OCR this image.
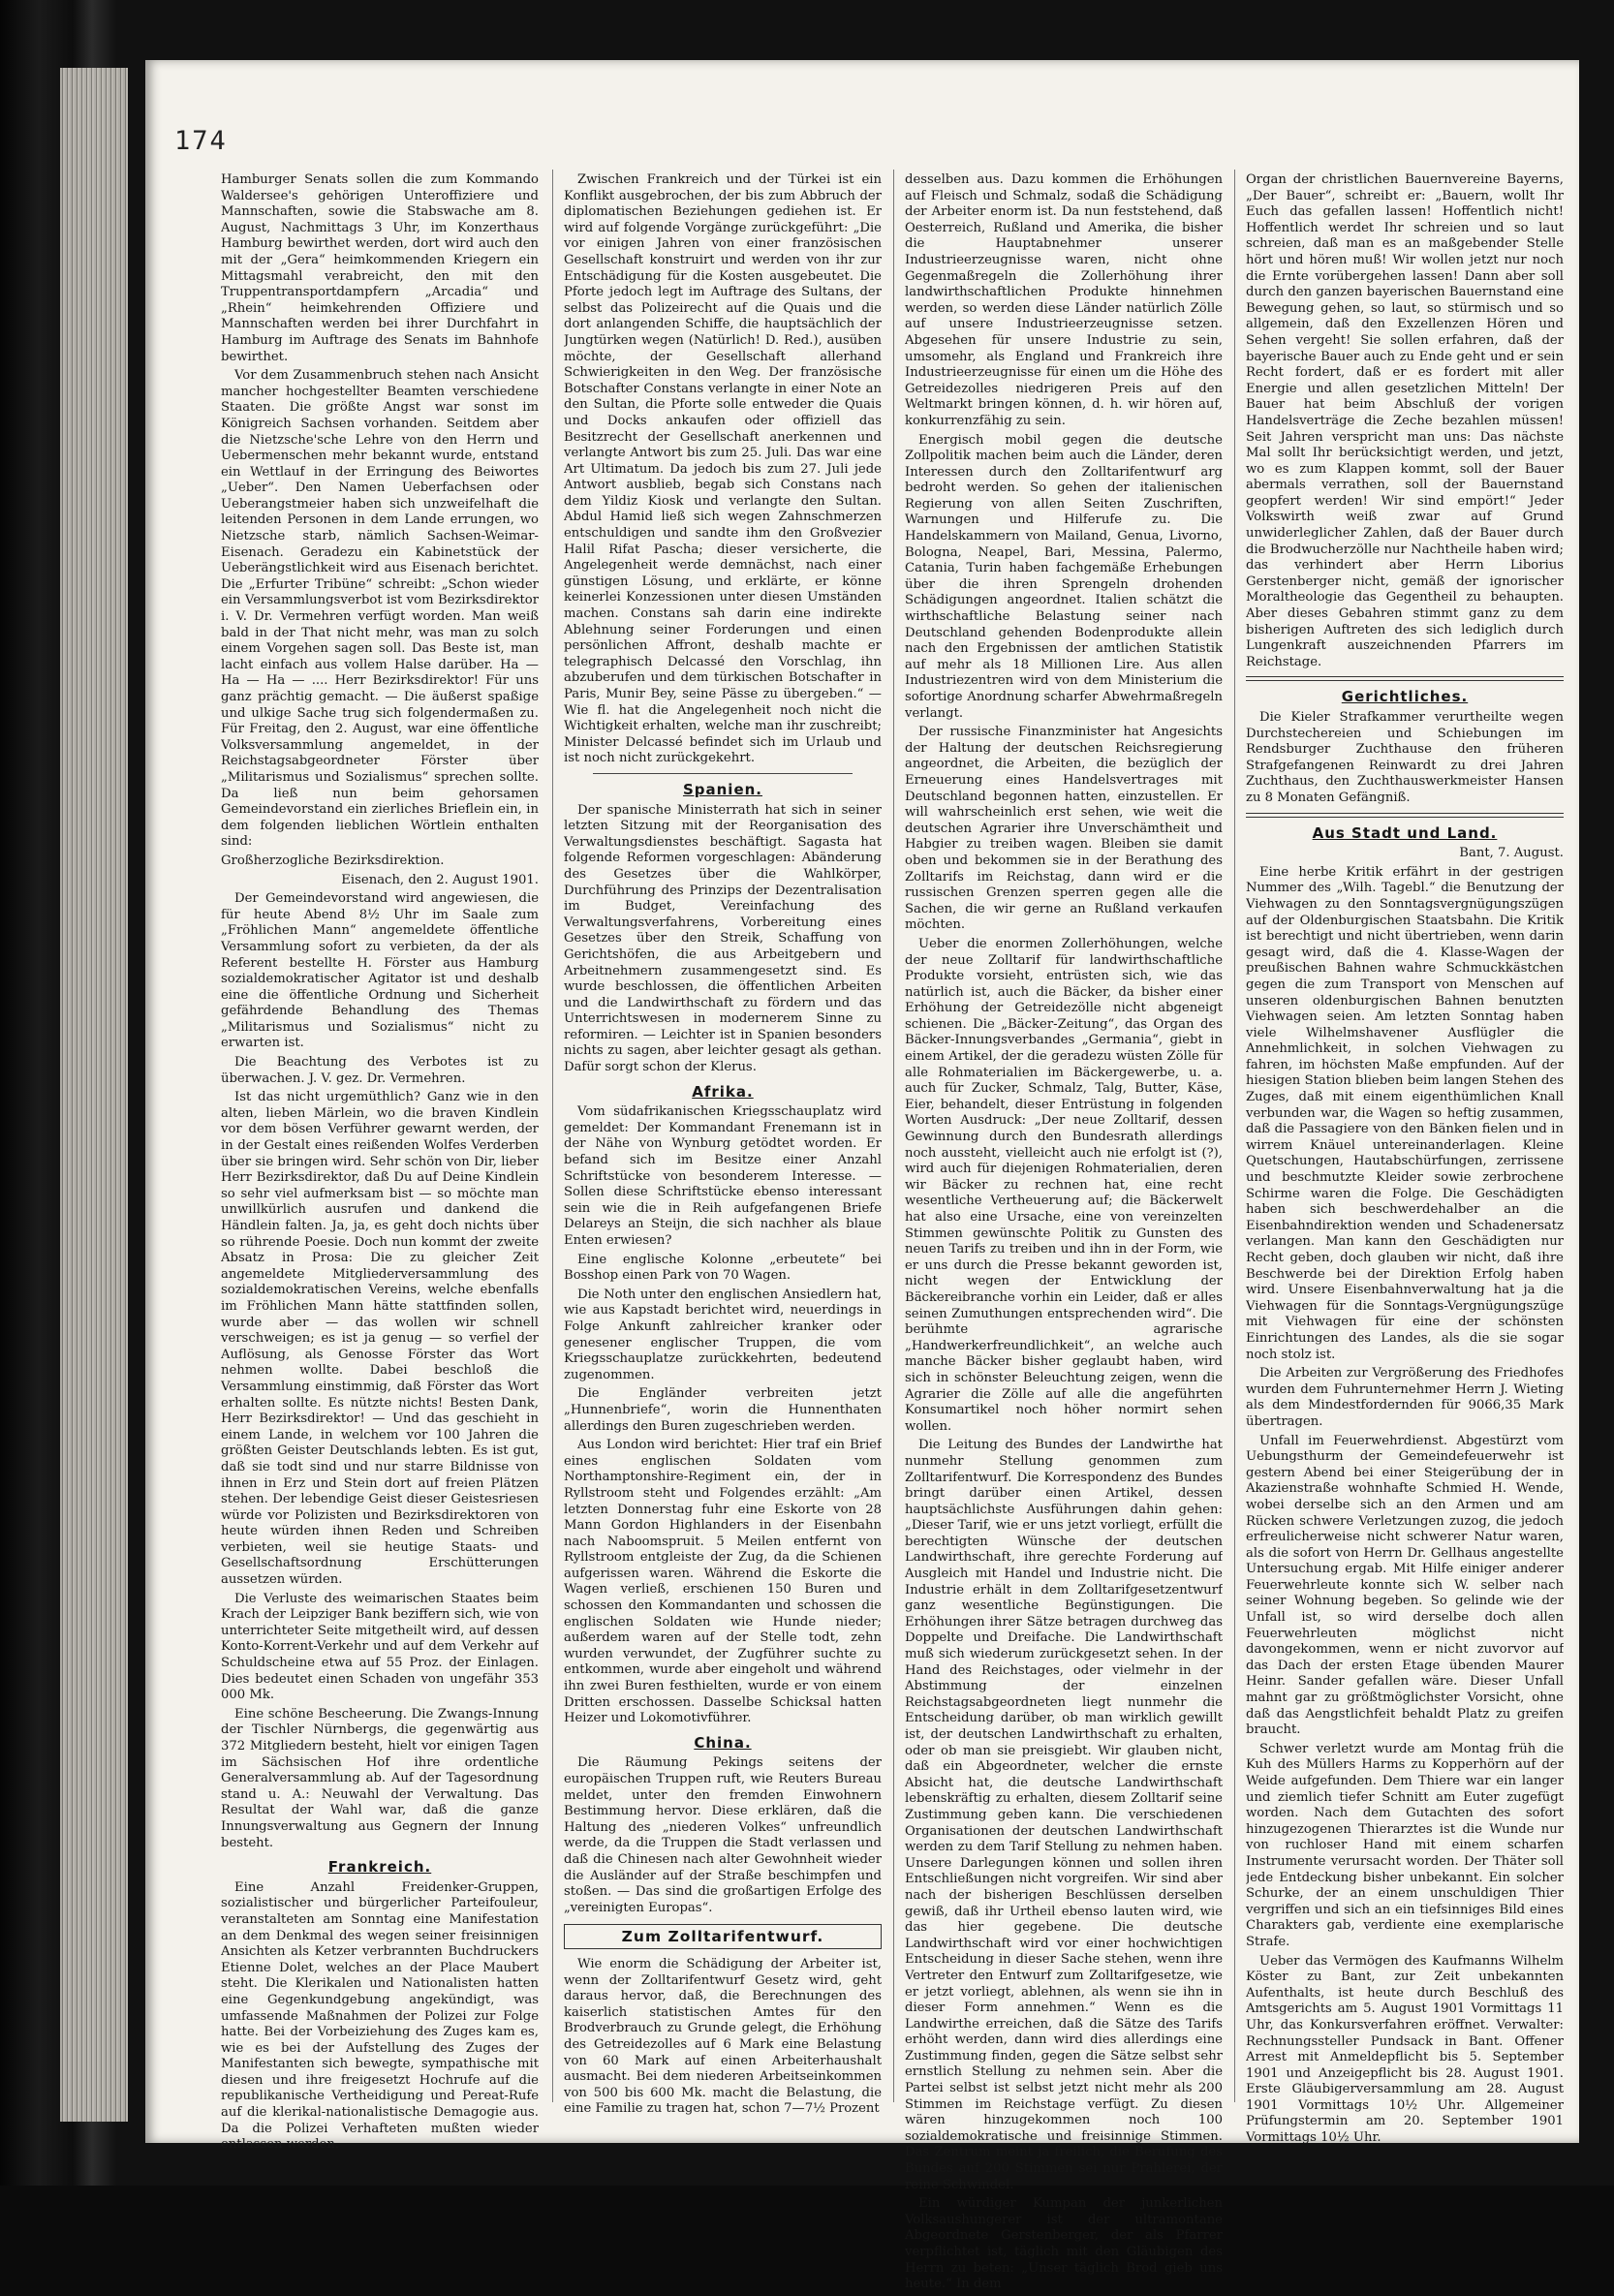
174

Hamburger Senats sollen die zum Kommando Waldersee's gehörigen Unteroffiziere und Mannschaften, sowie die Stabswache am 8. August, Nachmittags 3 Uhr, im Konzerthaus Hamburg bewirthet werden, dort wird auch den mit der „Gera“ heimkommenden Kriegern ein Mittagsmahl verabreicht, den mit den Truppentransportdampfern „Arcadia“ und „Rhein“ heimkehrenden Offiziere und Mannschaften werden bei ihrer Durchfahrt in Hamburg im Auftrage des Senats im Bahnhofe bewirthet.

Vor dem Zusammenbruch stehen nach Ansicht mancher hochgestellter Beamten verschiedene Staaten. Die größte Angst war sonst im Königreich Sachsen vorhanden. Seitdem aber die Nietzsche'sche Lehre von den Herrn und Uebermenschen mehr bekannt wurde, entstand ein Wettlauf in der Erringung des Beiwortes „Ueber“. Den Namen Ueberfachsen oder Ueberangstmeier haben sich unzweifelhaft die leitenden Personen in dem Lande errungen, wo Nietzsche starb, nämlich Sachsen-Weimar-Eisenach. Geradezu ein Kabinetstück der Ueberängstlichkeit wird aus Eisenach berichtet. Die „Erfurter Tribüne“ schreibt: „Schon wieder ein Versammlungsverbot ist vom Bezirksdirektor i. V. Dr. Vermehren verfügt worden. Man weiß bald in der That nicht mehr, was man zu solch einem Vorgehen sagen soll. Das Beste ist, man lacht einfach aus vollem Halse darüber. Ha — Ha — Ha — .... Herr Bezirksdirektor! Für uns ganz prächtig gemacht. — Die äußerst spaßige und ulkige Sache trug sich folgendermaßen zu. Für Freitag, den 2. August, war eine öffentliche Volksversammlung angemeldet, in der Reichstagsabgeordneter Förster über „Militarismus und Sozialismus“ sprechen sollte. Da ließ nun beim gehorsamen Gemeindevorstand ein zierliches Brieflein ein, in dem folgenden lieblichen Wörtlein enthalten sind:

Großherzogliche Bezirksdirektion.

Eisenach, den 2. August 1901.

Der Gemeindevorstand wird angewiesen, die für heute Abend 8½ Uhr im Saale zum „Fröhlichen Mann“ angemeldete öffentliche Versammlung sofort zu verbieten, da der als Referent bestellte H. Förster aus Hamburg sozialdemokratischer Agitator ist und deshalb eine die öffentliche Ordnung und Sicherheit gefährdende Behandlung des Themas „Militarismus und Sozialismus“ nicht zu erwarten ist.

Die Beachtung des Verbotes ist zu überwachen. J. V. gez. Dr. Vermehren.

Ist das nicht urgemüthlich? Ganz wie in den alten, lieben Märlein, wo die braven Kindlein vor dem bösen Verführer gewarnt werden, der in der Gestalt eines reißenden Wolfes Verderben über sie bringen wird. Sehr schön von Dir, lieber Herr Bezirksdirektor, daß Du auf Deine Kindlein so sehr viel aufmerksam bist — so möchte man unwillkürlich ausrufen und dankend die Händlein falten. Ja, ja, es geht doch nichts über so rührende Poesie. Doch nun kommt der zweite Absatz in Prosa: Die zu gleicher Zeit angemeldete Mitgliederversammlung des sozialdemokratischen Vereins, welche ebenfalls im Fröhlichen Mann hätte stattfinden sollen, wurde aber — das wollen wir schnell verschweigen; es ist ja genug — so verfiel der Auflösung, als Genosse Förster das Wort nehmen wollte. Dabei beschloß die Versammlung einstimmig, daß Förster das Wort erhalten sollte. Es nützte nichts! Besten Dank, Herr Bezirksdirektor! — Und das geschieht in einem Lande, in welchem vor 100 Jahren die größten Geister Deutschlands lebten. Es ist gut, daß sie todt sind und nur starre Bildnisse von ihnen in Erz und Stein dort auf freien Plätzen stehen. Der lebendige Geist dieser Geistesriesen würde vor Polizisten und Bezirksdirektoren von heute würden ihnen Reden und Schreiben verbieten, weil sie heutige Staats- und Gesellschaftsordnung Erschütterungen aussetzen würden.

Die Verluste des weimarischen Staates beim Krach der Leipziger Bank beziffern sich, wie von unterrichteter Seite mitgetheilt wird, auf dessen Konto-Korrent-Verkehr und auf dem Verkehr auf Schuldscheine etwa auf 55 Proz. der Einlagen. Dies bedeutet einen Schaden von ungefähr 353 000 Mk.

Eine schöne Bescheerung. Die Zwangs-Innung der Tischler Nürnbergs, die gegenwärtig aus 372 Mitgliedern besteht, hielt vor einigen Tagen im Sächsischen Hof ihre ordentliche Generalversammlung ab. Auf der Tagesordnung stand u. A.: Neuwahl der Verwaltung. Das Resultat der Wahl war, daß die ganze Innungsverwaltung aus Gegnern der Innung besteht.

Frankreich.

Eine Anzahl Freidenker-Gruppen, sozialistischer und bürgerlicher Parteifouleur, veranstalteten am Sonntag eine Manifestation an dem Denkmal des wegen seiner freisinnigen Ansichten als Ketzer verbrannten Buchdruckers Etienne Dolet, welches an der Place Maubert steht. Die Klerikalen und Nationalisten hatten eine Gegenkundgebung angekündigt, was umfassende Maßnahmen der Polizei zur Folge hatte. Bei der Vorbeiziehung des Zuges kam es, wie es bei der Aufstellung des Zuges der Manifestanten sich bewegte, sympathische mit diesen und ihre freigesetzt Hochrufe auf die republikanische Vertheidigung und Pereat-Rufe auf die klerikal-nationalistische Demagogie aus. Da die Polizei Verhafteten mußten wieder entlassen werden.

Zwischen Frankreich und der Türkei ist ein Konflikt ausgebrochen, der bis zum Abbruch der diplomatischen Beziehungen gediehen ist. Er wird auf folgende Vorgänge zurückgeführt: „Die vor einigen Jahren von einer französischen Gesellschaft konstruirt und werden von ihr zur Entschädigung für die Kosten ausgebeutet. Die Pforte jedoch legt im Auftrage des Sultans, der selbst das Polizeirecht auf die Quais und die dort anlangenden Schiffe, die hauptsächlich der Jungtürken wegen (Natürlich! D. Red.), ausüben möchte, der Gesellschaft allerhand Schwierigkeiten in den Weg. Der französische Botschafter Constans verlangte in einer Note an den Sultan, die Pforte solle entweder die Quais und Docks ankaufen oder offiziell das Besitzrecht der Gesellschaft anerkennen und verlangte Antwort bis zum 25. Juli. Das war eine Art Ultimatum. Da jedoch bis zum 27. Juli jede Antwort ausblieb, begab sich Constans nach dem Yildiz Kiosk und verlangte den Sultan. Abdul Hamid ließ sich wegen Zahnschmerzen entschuldigen und sandte ihm den Großvezier Halil Rifat Pascha; dieser versicherte, die Angelegenheit werde demnächst, nach einer günstigen Lösung, und erklärte, er könne keinerlei Konzessionen unter diesen Umständen machen. Constans sah darin eine indirekte Ablehnung seiner Forderungen und einen persönlichen Affront, deshalb machte er telegraphisch Delcassé den Vorschlag, ihn abzuberufen und dem türkischen Botschafter in Paris, Munir Bey, seine Pässe zu übergeben.“ — Wie fl. hat die Angelegenheit noch nicht die Wichtigkeit erhalten, welche man ihr zuschreibt; Minister Delcassé befindet sich im Urlaub und ist noch nicht zurückgekehrt.

Spanien.

Der spanische Ministerrath hat sich in seiner letzten Sitzung mit der Reorganisation des Verwaltungsdienstes beschäftigt. Sagasta hat folgende Reformen vorgeschlagen: Abänderung des Gesetzes über die Wahlkörper, Durchführung des Prinzips der Dezentralisation im Budget, Vereinfachung des Verwaltungsverfahrens, Vorbereitung eines Gesetzes über den Streik, Schaffung von Gerichtshöfen, die aus Arbeitgebern und Arbeitnehmern zusammengesetzt sind. Es wurde beschlossen, die öffentlichen Arbeiten und die Landwirthschaft zu fördern und das Unterrichtswesen in modernerem Sinne zu reformiren. — Leichter ist in Spanien besonders nichts zu sagen, aber leichter gesagt als gethan. Dafür sorgt schon der Klerus.

Afrika.

Vom südafrikanischen Kriegsschauplatz wird gemeldet: Der Kommandant Frenemann ist in der Nähe von Wynburg getödtet worden. Er befand sich im Besitze einer Anzahl Schriftstücke von besonderem Interesse. — Sollen diese Schriftstücke ebenso interessant sein wie die in Reih aufgefangenen Briefe Delareys an Steijn, die sich nachher als blaue Enten erwiesen?

Eine englische Kolonne „erbeutete“ bei Bosshop einen Park von 70 Wagen.

Die Noth unter den englischen Ansiedlern hat, wie aus Kapstadt berichtet wird, neuerdings in Folge Ankunft zahlreicher kranker oder genesener englischer Truppen, die vom Kriegsschauplatze zurückkehrten, bedeutend zugenommen.

Die Engländer verbreiten jetzt „Hunnenbriefe“, worin die Hunnenthaten allerdings den Buren zugeschrieben werden.

Aus London wird berichtet: Hier traf ein Brief eines englischen Soldaten vom Northamptonshire-Regiment ein, der in Ryllstroom steht und Folgendes erzählt: „Am letzten Donnerstag fuhr eine Eskorte von 28 Mann Gordon Highlanders in der Eisenbahn nach Naboomspruit. 5 Meilen entfernt von Ryllstroom entgleiste der Zug, da die Schienen aufgerissen waren. Während die Eskorte die Wagen verließ, erschienen 150 Buren und schossen den Kommandanten und schossen die englischen Soldaten wie Hunde nieder; außerdem waren auf der Stelle todt, zehn wurden verwundet, der Zugführer suchte zu entkommen, wurde aber eingeholt und während ihn zwei Buren festhielten, wurde er von einem Dritten erschossen. Dasselbe Schicksal hatten Heizer und Lokomotivführer.

China.

Die Räumung Pekings seitens der europäischen Truppen ruft, wie Reuters Bureau meldet, unter den fremden Einwohnern Bestimmung hervor. Diese erklären, daß die Haltung des „niederen Volkes“ unfreundlich werde, da die Truppen die Stadt verlassen und daß die Chinesen nach alter Gewohnheit wieder die Ausländer auf der Straße beschimpfen und stoßen. — Das sind die großartigen Erfolge des „vereinigten Europas“.

Zum Zolltarifentwurf.

Wie enorm die Schädigung der Arbeiter ist, wenn der Zolltarifentwurf Gesetz wird, geht daraus hervor, daß, die Berechnungen des kaiserlich statistischen Amtes für den Brodverbrauch zu Grunde gelegt, die Erhöhung des Getreidezolles auf 6 Mark eine Belastung von 60 Mark auf einen Arbeiterhaushalt ausmacht. Bei dem niederen Arbeitseinkommen von 500 bis 600 Mk. macht die Belastung, die eine Familie zu tragen hat, schon 7—7½ Prozent

desselben aus. Dazu kommen die Erhöhungen auf Fleisch und Schmalz, sodaß die Schädigung der Arbeiter enorm ist. Da nun feststehend, daß Oesterreich, Rußland und Amerika, die bisher die Hauptabnehmer unserer Industrieerzeugnisse waren, nicht ohne Gegenmaßregeln die Zollerhöhung ihrer landwirthschaftlichen Produkte hinnehmen werden, so werden diese Länder natürlich Zölle auf unsere Industrieerzeugnisse setzen. Abgesehen für unsere Industrie zu sein, umsomehr, als England und Frankreich ihre Industrieerzeugnisse für einen um die Höhe des Getreidezolles niedrigeren Preis auf den Weltmarkt bringen können, d. h. wir hören auf, konkurrenzfähig zu sein.

Energisch mobil gegen die deutsche Zollpolitik machen beim auch die Länder, deren Interessen durch den Zolltarifentwurf arg bedroht werden. So gehen der italienischen Regierung von allen Seiten Zuschriften, Warnungen und Hilferufe zu. Die Handelskammern von Mailand, Genua, Livorno, Bologna, Neapel, Bari, Messina, Palermo, Catania, Turin haben fachgemäße Erhebungen über die ihren Sprengeln drohenden Schädigungen angeordnet. Italien schätzt die wirthschaftliche Belastung seiner nach Deutschland gehenden Bodenprodukte allein nach den Ergebnissen der amtlichen Statistik auf mehr als 18 Millionen Lire. Aus allen Industriezentren wird von dem Ministerium die sofortige Anordnung scharfer Abwehrmaßregeln verlangt.

Der russische Finanzminister hat Angesichts der Haltung der deutschen Reichsregierung angeordnet, die Arbeiten, die bezüglich der Erneuerung eines Handelsvertrages mit Deutschland begonnen hatten, einzustellen. Er will wahrscheinlich erst sehen, wie weit die deutschen Agrarier ihre Unverschämtheit und Habgier zu treiben wagen. Bleiben sie damit oben und bekommen sie in der Berathung des Zolltarifs im Reichstag, dann wird er die russischen Grenzen sperren gegen alle die Sachen, die wir gerne an Rußland verkaufen möchten.

Ueber die enormen Zollerhöhungen, welche der neue Zolltarif für landwirthschaftliche Produkte vorsieht, entrüsten sich, wie das natürlich ist, auch die Bäcker, da bisher einer Erhöhung der Getreidezölle nicht abgeneigt schienen. Die „Bäcker-Zeitung“, das Organ des Bäcker-Innungsverbandes „Germania“, giebt in einem Artikel, der die geradezu wüsten Zölle für alle Rohmaterialien im Bäckergewerbe, u. a. auch für Zucker, Schmalz, Talg, Butter, Käse, Eier, behandelt, dieser Entrüstung in folgenden Worten Ausdruck: „Der neue Zolltarif, dessen Gewinnung durch den Bundesrath allerdings noch aussteht, vielleicht auch nie erfolgt ist (?), wird auch für diejenigen Rohmaterialien, deren wir Bäcker zu rechnen hat, eine recht wesentliche Vertheuerung auf; die Bäckerwelt hat also eine Ursache, eine von vereinzelten Stimmen gewünschte Politik zu Gunsten des neuen Tarifs zu treiben und ihn in der Form, wie er uns durch die Presse bekannt geworden ist, nicht wegen der Entwicklung der Bäckereibranche vorhin ein Leider, daß er alles seinen Zumuthungen entsprechenden wird“. Die berühmte agrarische „Handwerkerfreundlichkeit“, an welche auch manche Bäcker bisher geglaubt haben, wird sich in schönster Beleuchtung zeigen, wenn die Agrarier die Zölle auf alle die angeführten Konsumartikel noch höher normirt sehen wollen.

Die Leitung des Bundes der Landwirthe hat nunmehr Stellung genommen zum Zolltarifentwurf. Die Korrespondenz des Bundes bringt darüber einen Artikel, dessen hauptsächlichste Ausführungen dahin gehen: „Dieser Tarif, wie er uns jetzt vorliegt, erfüllt die berechtigten Wünsche der deutschen Landwirthschaft, ihre gerechte Forderung auf Ausgleich mit Handel und Industrie nicht. Die Industrie erhält in dem Zolltarifgesetzentwurf ganz wesentliche Begünstigungen. Die Erhöhungen ihrer Sätze betragen durchweg das Doppelte und Dreifache. Die Landwirthschaft muß sich wiederum zurückgesetzt sehen. In der Hand des Reichstages, oder vielmehr in der Abstimmung der einzelnen Reichstagsabgeordneten liegt nunmehr die Entscheidung darüber, ob man wirklich gewillt ist, der deutschen Landwirthschaft zu erhalten, oder ob man sie preisgiebt. Wir glauben nicht, daß ein Abgeordneter, welcher die ernste Absicht hat, die deutsche Landwirthschaft lebenskräftig zu erhalten, diesem Zolltarif seine Zustimmung geben kann. Die verschiedenen Organisationen der deutschen Landwirthschaft werden zu dem Tarif Stellung zu nehmen haben. Unsere Darlegungen können und sollen ihren Entschließungen nicht vorgreifen. Wir sind aber nach der bisherigen Beschlüssen derselben gewiß, daß ihr Urtheil ebenso lauten wird, wie das hier gegebene. Die deutsche Landwirthschaft wird vor einer hochwichtigen Entscheidung in dieser Sache stehen, wenn ihre Vertreter den Entwurf zum Zolltarifgesetze, wie er jetzt vorliegt, ablehnen, als wenn sie ihn in dieser Form annehmen.“ Wenn es die Landwirthe erreichen, daß die Sätze des Tarifs erhöht werden, dann wird dies allerdings eine Zustimmung finden, gegen die Sätze selbst sehr ernstlich Stellung zu nehmen sein. Aber die Partei selbst ist selbst jetzt nicht mehr als 200 Stimmen im Reichstage verfügt. Zu diesen wären hinzugekommen noch 100 sozialdemokratische und freisinnige Stimmen. Das Zentrum meint ja freilich, die Berufung des Bundes auf 200 Stimmen sei nur Prahlerei, der reine Schwindel.

Ein würdiger Kumpan der junkerlichen Volksaushungerer ist der ultramontane Abgeordnete Gerstenberger, der als Pfarrer verpflichtet ist, täglich mit den Gläubigen des Herrn zu beten: „Unser täglich Brod gieb uns heute.“ In dem

Organ der christlichen Bauernvereine Bayerns, „Der Bauer“, schreibt er: „Bauern, wollt Ihr Euch das gefallen lassen! Hoffentlich nicht! Hoffentlich werdet Ihr schreien und so laut schreien, daß man es an maßgebender Stelle hört und hören muß! Wir wollen jetzt nur noch die Ernte vorübergehen lassen! Dann aber soll durch den ganzen bayerischen Bauernstand eine Bewegung gehen, so laut, so stürmisch und so allgemein, daß den Exzellenzen Hören und Sehen vergeht! Sie sollen erfahren, daß der bayerische Bauer auch zu Ende geht und er sein Recht fordert, daß er es fordert mit aller Energie und allen gesetzlichen Mitteln! Der Bauer hat beim Abschluß der vorigen Handelsverträge die Zeche bezahlen müssen! Seit Jahren verspricht man uns: Das nächste Mal sollt Ihr berücksichtigt werden, und jetzt, wo es zum Klappen kommt, soll der Bauer abermals verrathen, soll der Bauernstand geopfert werden! Wir sind empört!“ Jeder Volkswirth weiß zwar auf Grund unwiderleglicher Zahlen, daß der Bauer durch die Brodwucherzölle nur Nachtheile haben wird; das verhindert aber Herrn Liborius Gerstenberger nicht, gemäß der ignorischer Moraltheologie das Gegentheil zu behaupten. Aber dieses Gebahren stimmt ganz zu dem bisherigen Auftreten des sich lediglich durch Lungenkraft auszeichnenden Pfarrers im Reichstage.

Gerichtliches.

Die Kieler Strafkammer verurtheilte wegen Durchstechereien und Schiebungen im Rendsburger Zuchthause den früheren Strafgefangenen Reinwardt zu drei Jahren Zuchthaus, den Zuchthauswerkmeister Hansen zu 8 Monaten Gefängniß.

Aus Stadt und Land.

Bant, 7. August.

Eine herbe Kritik erfährt in der gestrigen Nummer des „Wilh. Tagebl.“ die Benutzung der Viehwagen zu den Sonntagsvergnügungszügen auf der Oldenburgischen Staatsbahn. Die Kritik ist berechtigt und nicht übertrieben, wenn darin gesagt wird, daß die 4. Klasse-Wagen der preußischen Bahnen wahre Schmuckkästchen gegen die zum Transport von Menschen auf unseren oldenburgischen Bahnen benutzten Viehwagen seien. Am letzten Sonntag haben viele Wilhelmshavener Ausflügler die Annehmlichkeit, in solchen Viehwagen zu fahren, im höchsten Maße empfunden. Auf der hiesigen Station blieben beim langen Stehen des Zuges, daß mit einem eigenthümlichen Knall verbunden war, die Wagen so heftig zusammen, daß die Passagiere von den Bänken fielen und in wirrem Knäuel untereinanderlagen. Kleine Quetschungen, Hautabschürfungen, zerrissene und beschmutzte Kleider sowie zerbrochene Schirme waren die Folge. Die Geschädigten haben sich beschwerdehalber an die Eisenbahndirektion wenden und Schadenersatz verlangen. Man kann den Geschädigten nur Recht geben, doch glauben wir nicht, daß ihre Beschwerde bei der Direktion Erfolg haben wird. Unsere Eisenbahnverwaltung hat ja die Viehwagen für die Sonntags-Vergnügungszüge mit Viehwagen für eine der schönsten Einrichtungen des Landes, als die sie sogar noch stolz ist.

Die Arbeiten zur Vergrößerung des Friedhofes wurden dem Fuhrunternehmer Herrn J. Wieting als dem Mindestfordernden für 9066,35 Mark übertragen.

Unfall im Feuerwehrdienst. Abgestürzt vom Uebungsthurm der Gemeindefeuerwehr ist gestern Abend bei einer Steigerübung der in Akazienstraße wohnhafte Schmied H. Wende, wobei derselbe sich an den Armen und am Rücken schwere Verletzungen zuzog, die jedoch erfreulicherweise nicht schwerer Natur waren, als die sofort von Herrn Dr. Gellhaus angestellte Untersuchung ergab. Mit Hilfe einiger anderer Feuerwehrleute konnte sich W. selber nach seiner Wohnung begeben. So gelinde wie der Unfall ist, so wird derselbe doch allen Feuerwehrleuten möglichst nicht davongekommen, wenn er nicht zuvorvor auf das Dach der ersten Etage übenden Maurer Heinr. Sander gefallen wäre. Dieser Unfall mahnt gar zu größtmöglichster Vorsicht, ohne daß das Aengstlichfeit behaldt Platz zu greifen braucht.

Schwer verletzt wurde am Montag früh die Kuh des Müllers Harms zu Kopperhörn auf der Weide aufgefunden. Dem Thiere war ein langer und ziemlich tiefer Schnitt am Euter zugefügt worden. Nach dem Gutachten des sofort hinzugezogenen Thierarztes ist die Wunde nur von ruchloser Hand mit einem scharfen Instrumente verursacht worden. Der Thäter soll jede Entdeckung bisher unbekannt. Ein solcher Schurke, der an einem unschuldigen Thier vergriffen und sich an ein tiefsinniges Bild eines Charakters gab, verdiente eine exemplarische Strafe.

Ueber das Vermögen des Kaufmanns Wilhelm Köster zu Bant, zur Zeit unbekannten Aufenthalts, ist heute durch Beschluß des Amtsgerichts am 5. August 1901 Vormittags 11 Uhr, das Konkursverfahren eröffnet. Verwalter: Rechnungssteller Pundsack in Bant. Offener Arrest mit Anmeldepflicht bis 5. September 1901 und Anzeigepflicht bis 28. August 1901. Erste Gläubigerversammlung am 28. August 1901 Vormittags 10½ Uhr. Allgemeiner Prüfungstermin am 20. September 1901 Vormittags 10½ Uhr.
